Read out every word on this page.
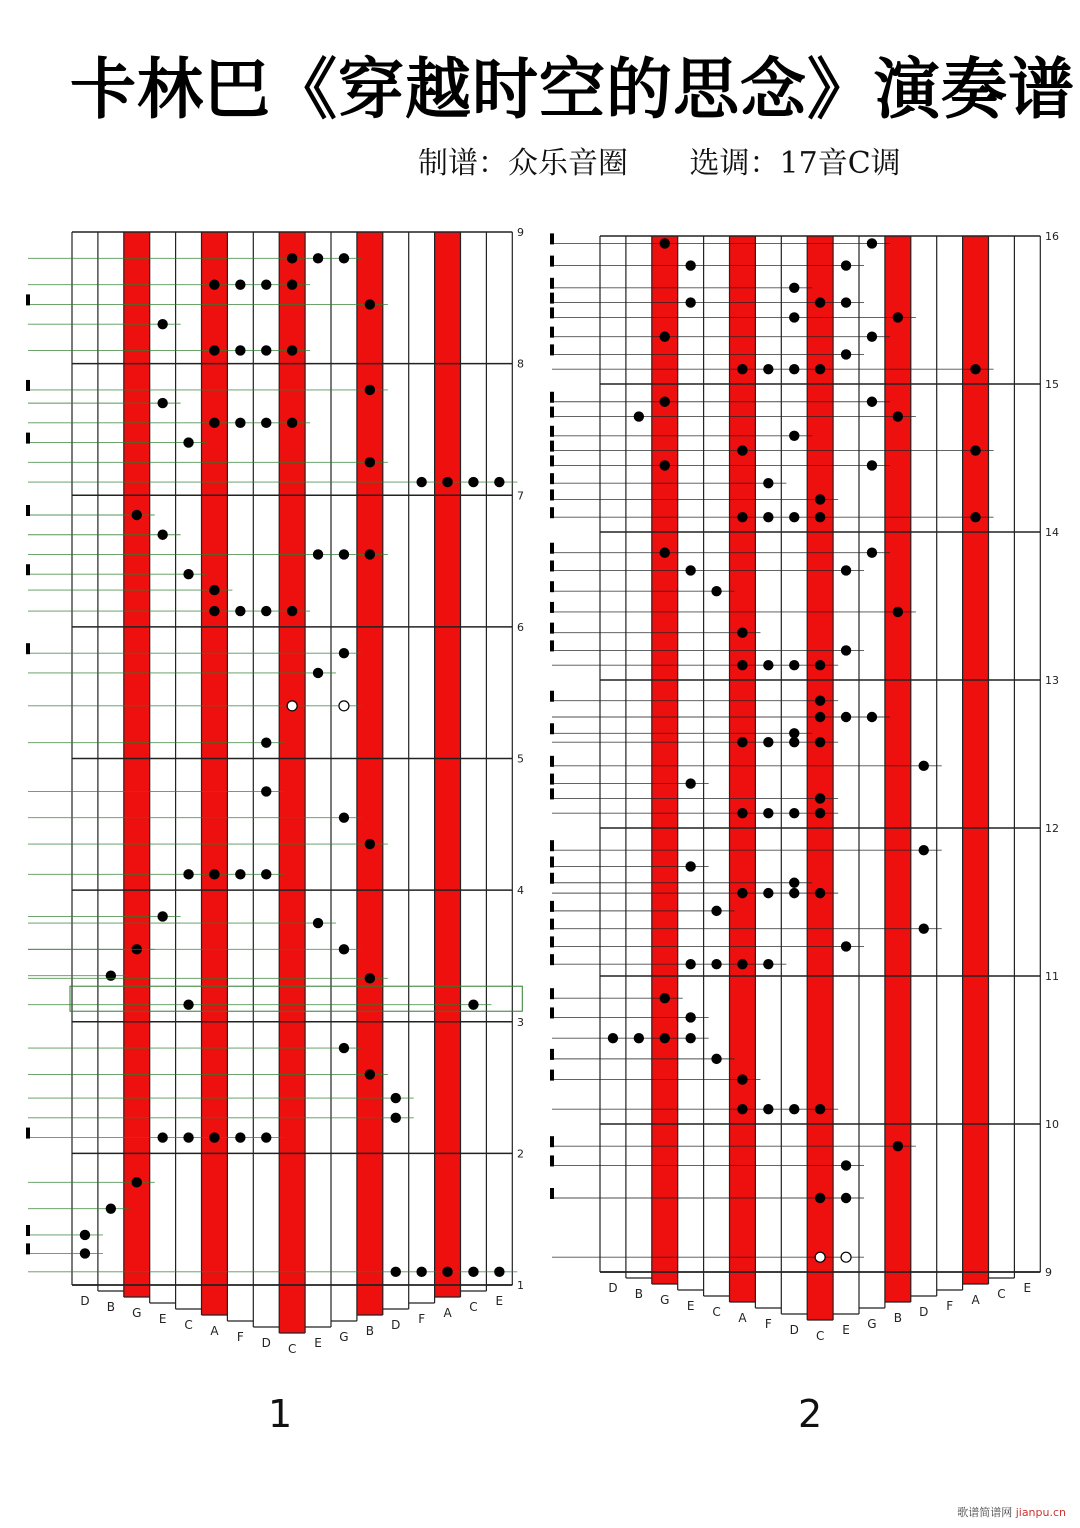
卡林巴《穿越时空的思念》演奏谱
制谱：众乐音圈 选调：17音C调
9
8
7
6
5
4
3
2
1
D B G E C A F D C E G B D F A C E
16
15
14
13
12
11
10
9
D B G E C A F D C E G B D F A C E
1	2
歌谱简谱网 jianpu.cn
